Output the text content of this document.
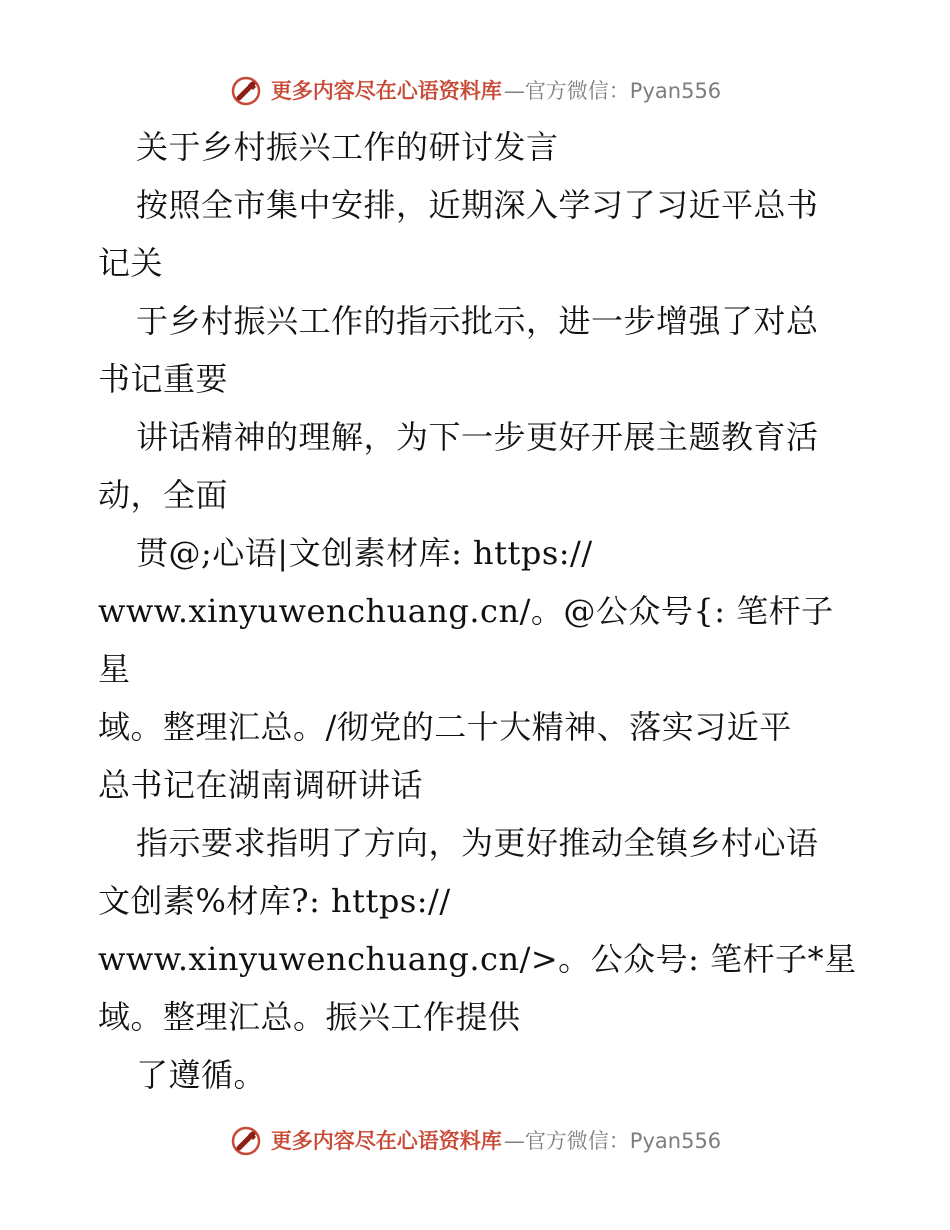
更多内容尽在心语资料库 —官方微信：Pyan556
关于乡村振兴工作的研讨发言
按照全市集中安排，近期深入学习了习近平总书
记关
于乡村振兴工作的指示批示，进一步增强了对总
书记重要
讲话精神的理解，为下一步更好开展主题教育活
动，全面
贯@;心语|文创素材库: https://
www.xinyuwenchuang.cn/。@公众号{: 笔杆子星
域。整理汇总。/彻党的二十大精神、落实习近平
总书记在湖南调研讲话
指示要求指明了方向，为更好推动全镇乡村心语
文创素%材库?: https://
www.xinyuwenchuang.cn/>。公众号: 笔杆子*星
域。整理汇总。振兴工作提供
了遵循。
更多内容尽在心语资料库 —官方微信：Pyan556
